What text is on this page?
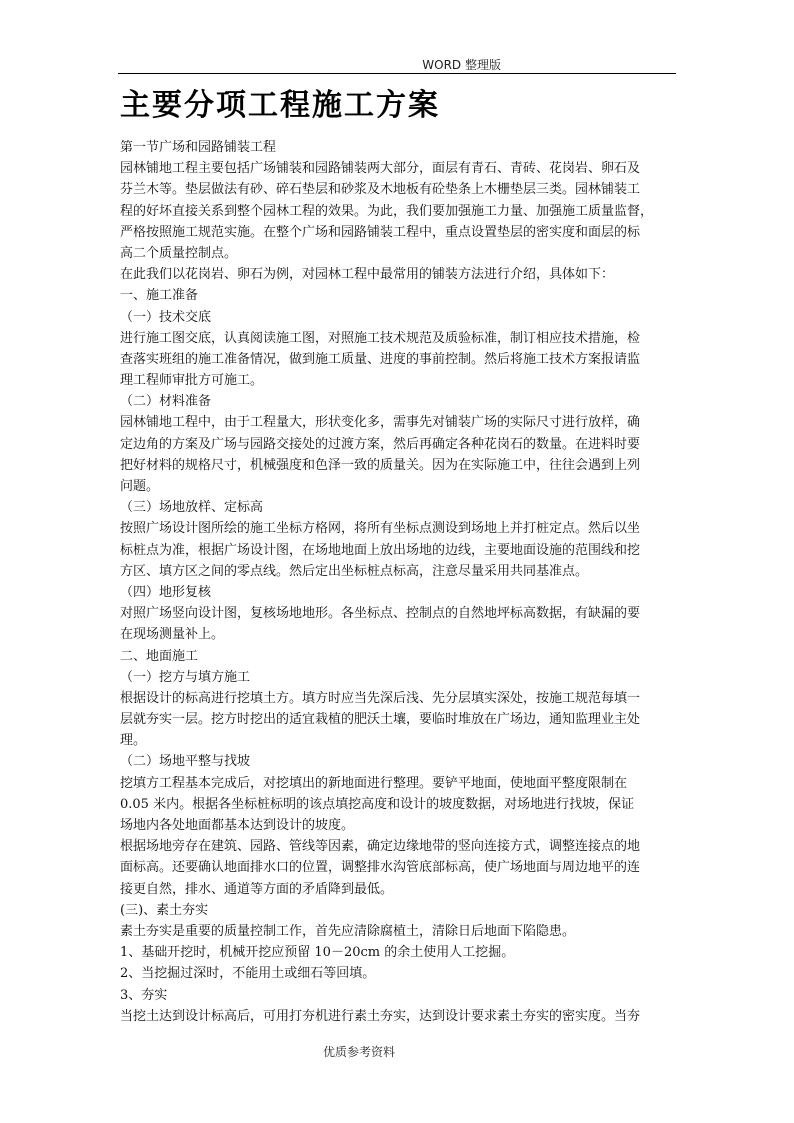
WORD 整理版
主要分项工程施工方案
第一节广场和园路铺装工程
园林铺地工程主要包括广场铺装和园路铺装两大部分，面层有青石、青砖、花岗岩、卵石及
芬兰木等。垫层做法有砂、碎石垫层和砂浆及木地板有砼垫条上木栅垫层三类。园林铺装工
程的好坏直接关系到整个园林工程的效果。为此，我们要加强施工力量、加强施工质量监督，
严格按照施工规范实施。在整个广场和园路铺装工程中，重点设置垫层的密实度和面层的标
高二个质量控制点。
在此我们以花岗岩、卵石为例，对园林工程中最常用的铺装方法进行介绍，具体如下：
一、施工准备
（一）技术交底
进行施工图交底，认真阅读施工图，对照施工技术规范及质验标准，制订相应技术措施，检
查落实班组的施工准备情况，做到施工质量、进度的事前控制。然后将施工技术方案报请监
理工程师审批方可施工。
（二）材料准备
园林铺地工程中，由于工程量大，形状变化多，需事先对铺装广场的实际尺寸进行放样，确
定边角的方案及广场与园路交接处的过渡方案，然后再确定各种花岗石的数量。在进料时要
把好材料的规格尺寸，机械强度和色泽一致的质量关。因为在实际施工中，往往会遇到上列
问题。
（三）场地放样、定标高
按照广场设计图所绘的施工坐标方格网，将所有坐标点测设到场地上并打桩定点。然后以坐
标桩点为准，根据广场设计图，在场地地面上放出场地的边线，主要地面设施的范围线和挖
方区、填方区之间的零点线。然后定出坐标桩点标高，注意尽量采用共同基准点。
（四）地形复核
对照广场竖向设计图，复核场地地形。各坐标点、控制点的自然地坪标高数据，有缺漏的要
在现场测量补上。
二、地面施工
（一）挖方与填方施工
根据设计的标高进行挖填土方。填方时应当先深后浅、先分层填实深处，按施工规范每填一
层就夯实一层。挖方时挖出的适宜栽植的肥沃土壤，要临时堆放在广场边，通知监理业主处
理。
（二）场地平整与找坡
挖填方工程基本完成后，对挖填出的新地面进行整理。要铲平地面，使地面平整度限制在
0.05 米内。根据各坐标桩标明的该点填挖高度和设计的坡度数据，对场地进行找坡，保证
场地内各处地面都基本达到设计的坡度。
根据场地旁存在建筑、园路、管线等因素，确定边缘地带的竖向连接方式，调整连接点的地
面标高。还要确认地面排水口的位置，调整排水沟管底部标高，使广场地面与周边地平的连
接更自然，排水、通道等方面的矛盾降到最低。
(三)、素土夯实
素土夯实是重要的质量控制工作，首先应清除腐植土，清除日后地面下陷隐患。
1、基础开挖时，机械开挖应预留 10－20cm 的余土使用人工挖掘。
2、当挖掘过深时，不能用土或细石等回填。
3、夯实
当挖土达到设计标高后，可用打夯机进行素土夯实，达到设计要求素土夯实的密实度。当夯
优质参考资料
